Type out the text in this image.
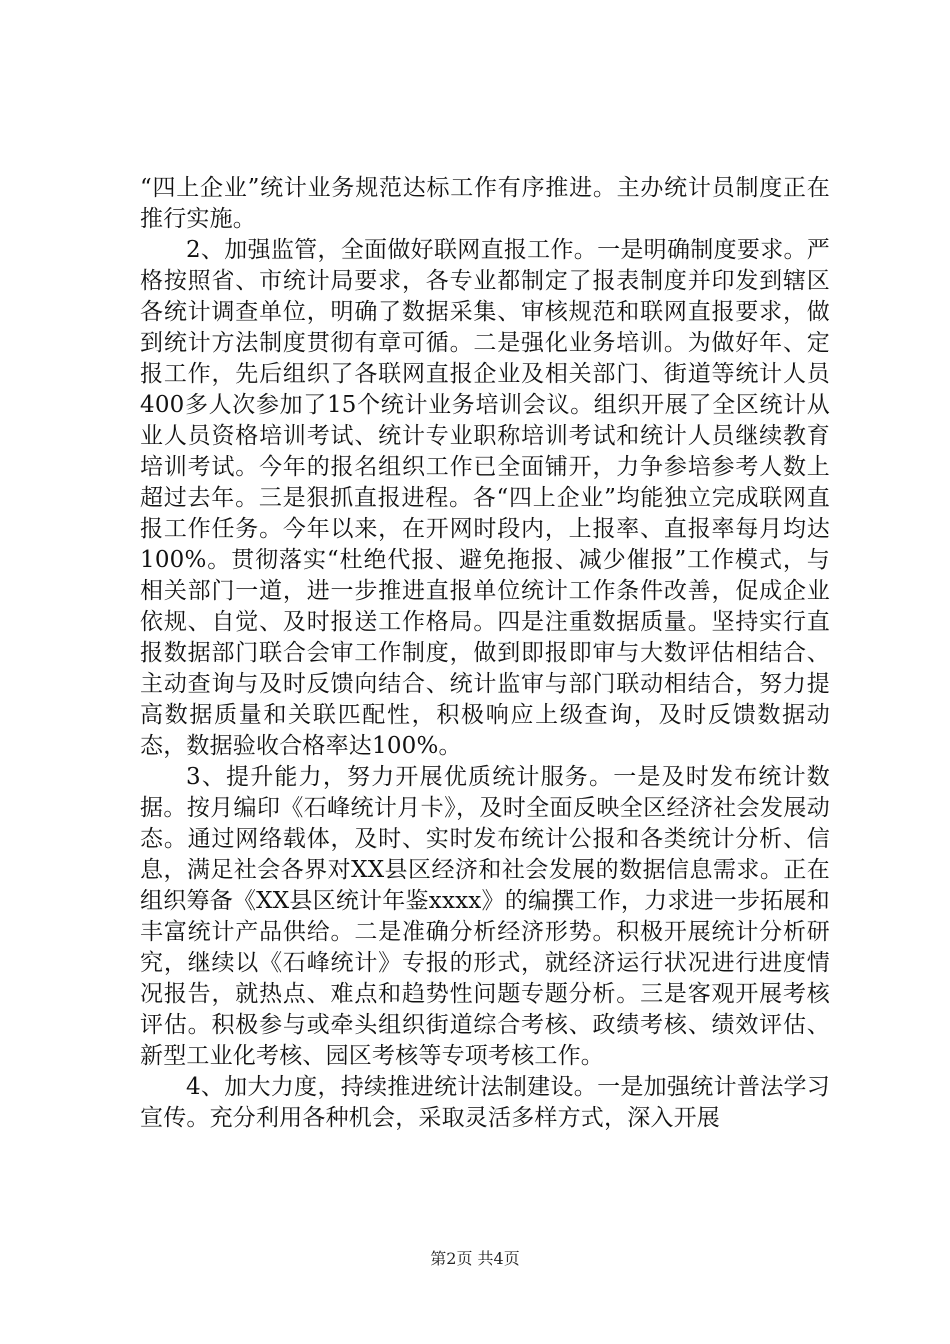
“四上企业”统计业务规范达标工作有序推进。主办统计员制度正在推行实施。

2、加强监管，全面做好联网直报工作。一是明确制度要求。严格按照省、市统计局要求，各专业都制定了报表制度并印发到辖区各统计调查单位，明确了数据采集、审核规范和联网直报要求，做到统计方法制度贯彻有章可循。二是强化业务培训。为做好年、定报工作，先后组织了各联网直报企业及相关部门、街道等统计人员400多人次参加了15个统计业务培训会议。组织开展了全区统计从业人员资格培训考试、统计专业职称培训考试和统计人员继续教育培训考试。今年的报名组织工作已全面铺开，力争参培参考人数上超过去年。三是狠抓直报进程。各“四上企业”均能独立完成联网直报工作任务。今年以来，在开网时段内，上报率、直报率每月均达100%。贯彻落实“杜绝代报、避免拖报、减少催报”工作模式，与相关部门一道，进一步推进直报单位统计工作条件改善，促成企业依规、自觉、及时报送工作格局。四是注重数据质量。坚持实行直报数据部门联合会审工作制度，做到即报即审与大数评估相结合、主动查询与及时反馈向结合、统计监审与部门联动相结合，努力提高数据质量和关联匹配性，积极响应上级查询，及时反馈数据动态，数据验收合格率达100%。

3、提升能力，努力开展优质统计服务。一是及时发布统计数据。按月编印《石峰统计月卡》，及时全面反映全区经济社会发展动态。通过网络载体，及时、实时发布统计公报和各类统计分析、信息，满足社会各界对XX县区经济和社会发展的数据信息需求。正在组织筹备《XX县区统计年鉴xxxx》的编撰工作，力求进一步拓展和丰富统计产品供给。二是准确分析经济形势。积极开展统计分析研究，继续以《石峰统计》专报的形式，就经济运行状况进行进度情况报告，就热点、难点和趋势性问题专题分析。三是客观开展考核评估。积极参与或牵头组织街道综合考核、政绩考核、绩效评估、新型工业化考核、园区考核等专项考核工作。

4、加大力度，持续推进统计法制建设。一是加强统计普法学习宣传。充分利用各种机会，采取灵活多样方式，深入开展

第2页 共4页
